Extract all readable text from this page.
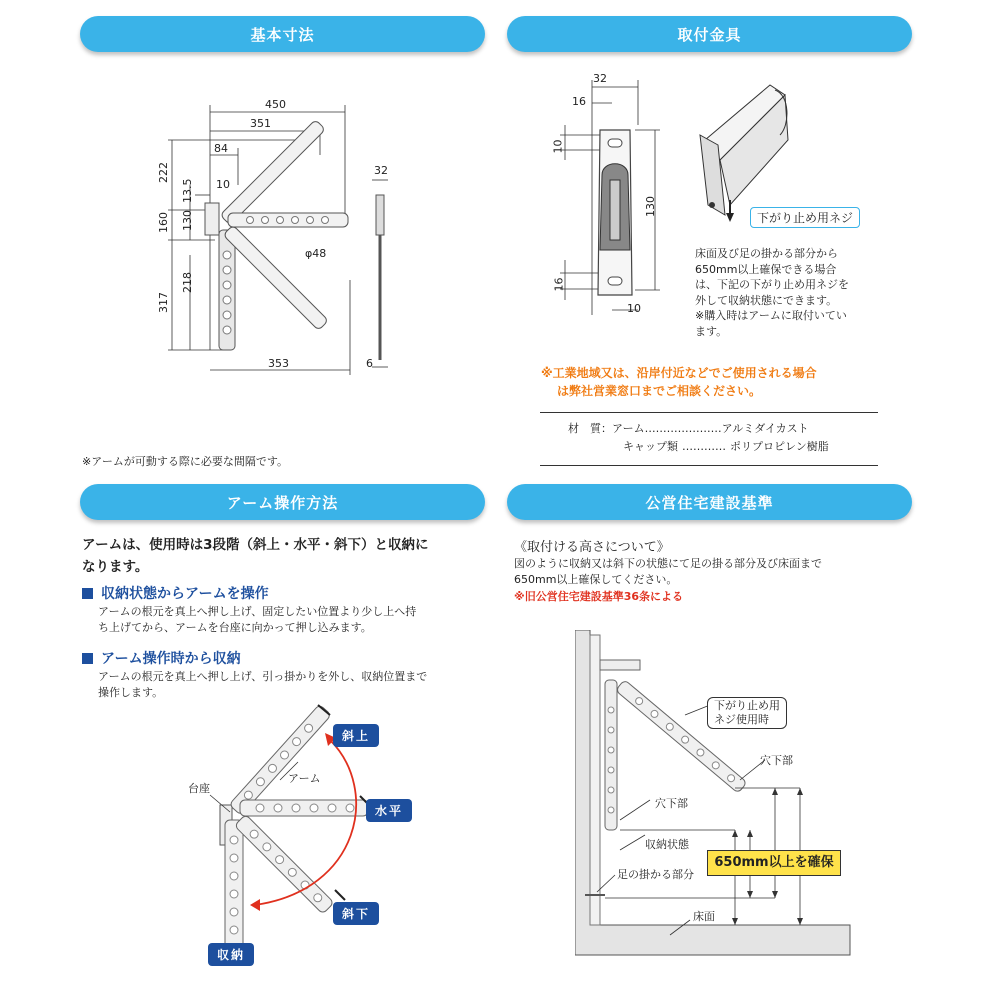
基本寸法	取付金具
アーム操作方法	公営住宅建設基準
450
351
84
10
222
13.5
160 130
218
317
353
φ48
32
6
※アームが可動する際に必要な間隔です。
下がり止め用ネジ
32
16
10
130
16
10
床面及び足の掛かる部分から
650mm以上確保できる場合
は、下記の下がり止め用ネジを
外して収納状態にできます。
※購入時はアームに取付いてい
ます。
※工業地域又は、沿岸付近などでご使用される場合
は弊社営業窓口までご相談ください。
材　質：アーム…………………アルミダイカスト
キャップ類 ………… ポリプロピレン樹脂
アームは、使用時は3段階（斜上・水平・斜下）と収納に
なります。
収納状態からアームを操作
アームの根元を真上へ押し上げ、固定したい位置より少し上へ持
ち上げてから、アームを台座に向かって押し込みます。
アーム操作時から収納
アームの根元を真上へ押し上げ、引っ掛かりを外し、収納位置まで
操作します。
台座
アーム
斜上
水平
斜下
収納
《取付ける高さについて》
図のように収納又は斜下の状態にて足の掛る部分及び床面まで
650mm以上確保してください。
※旧公営住宅建設基準36条による
下がり止め用
ネジ使用時
穴下部
穴下部
収納状態
650mm以上を確保
足の掛かる部分
床面
